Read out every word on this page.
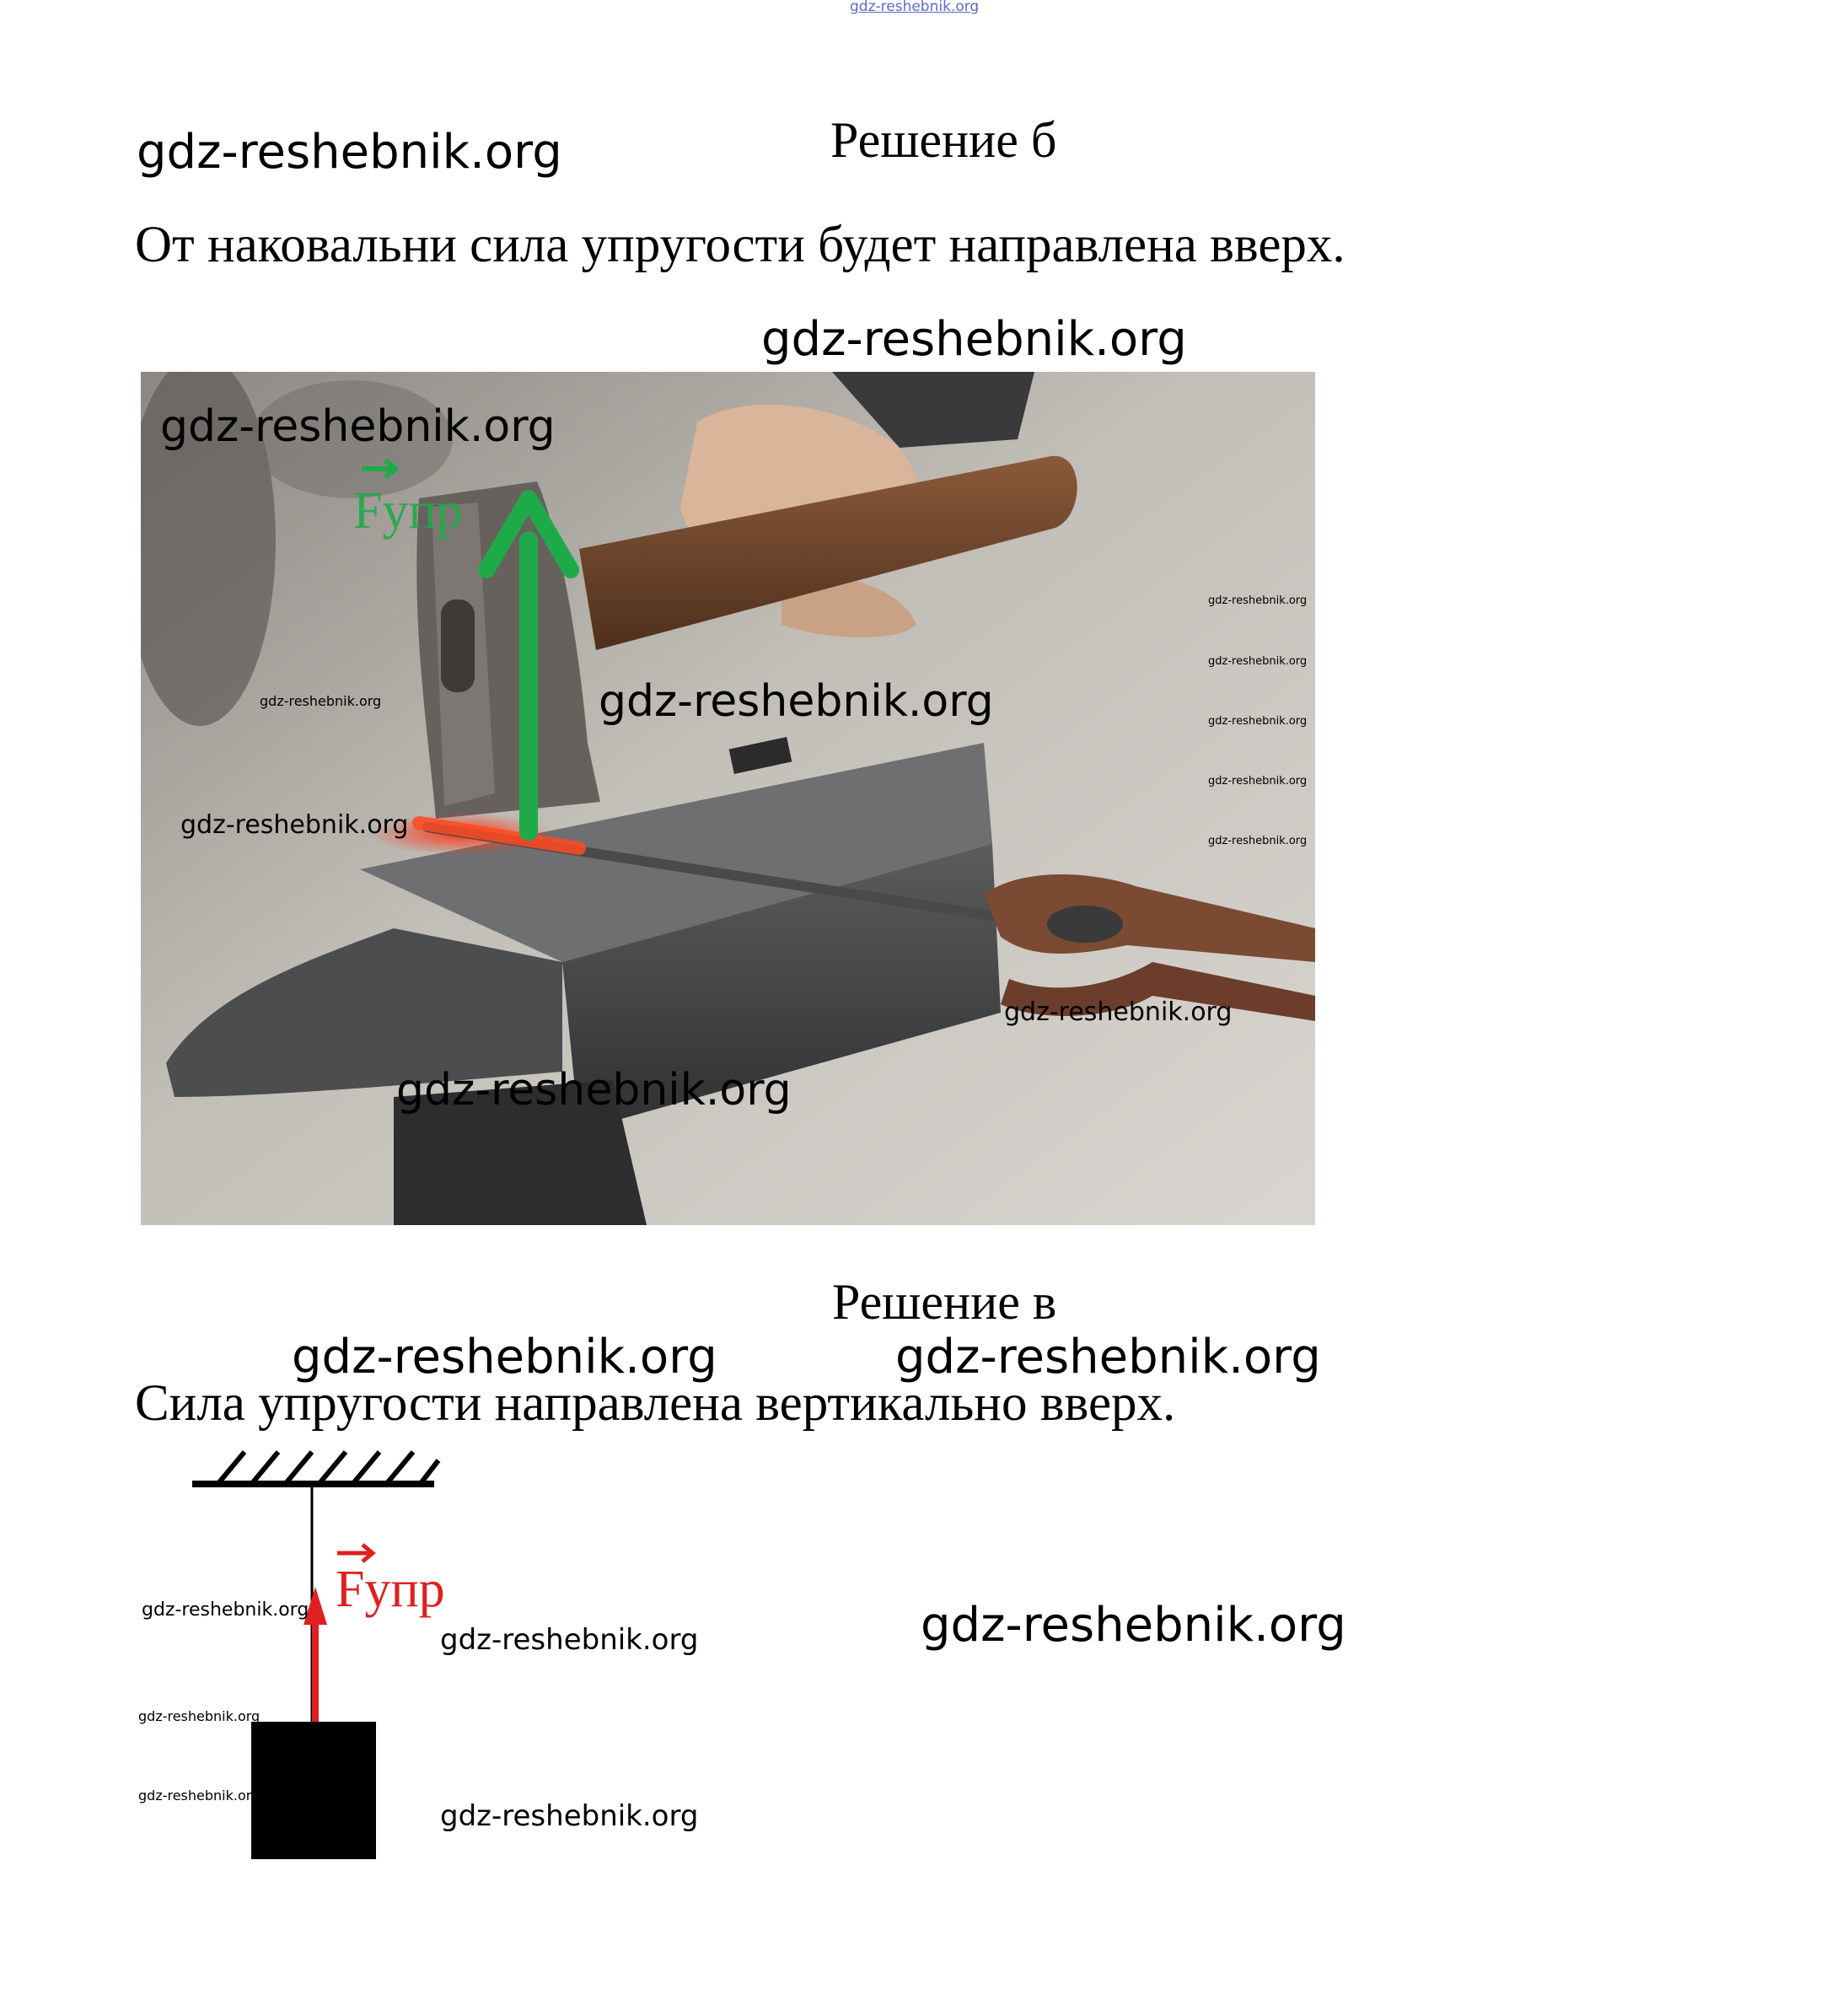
gdz-reshebnik.org
gdz-reshebnik.org	Решение б
От наковальни сила упругости будет направлена вверх.
gdz-reshebnik.org
Fупр
gdz-reshebnik.org
gdz-reshebnik.org
gdz-reshebnik.org
gdz-reshebnik.org
gdz-reshebnik.org
gdz-reshebnik.org
gdz-reshebnik.org
gdz-reshebnik.org
gdz-reshebnik.org
gdz-reshebnik.org
gdz-reshebnik.org
Решение в
gdz-reshebnik.org	gdz-reshebnik.org
Сила упругости направлена вертикально вверх.
Fупр
gdz-reshebnik.org
gdz-reshebnik.org
gdz-reshebnik.org
gdz-reshebnik.org
gdz-reshebnik.org
gdz-reshebnik.org
